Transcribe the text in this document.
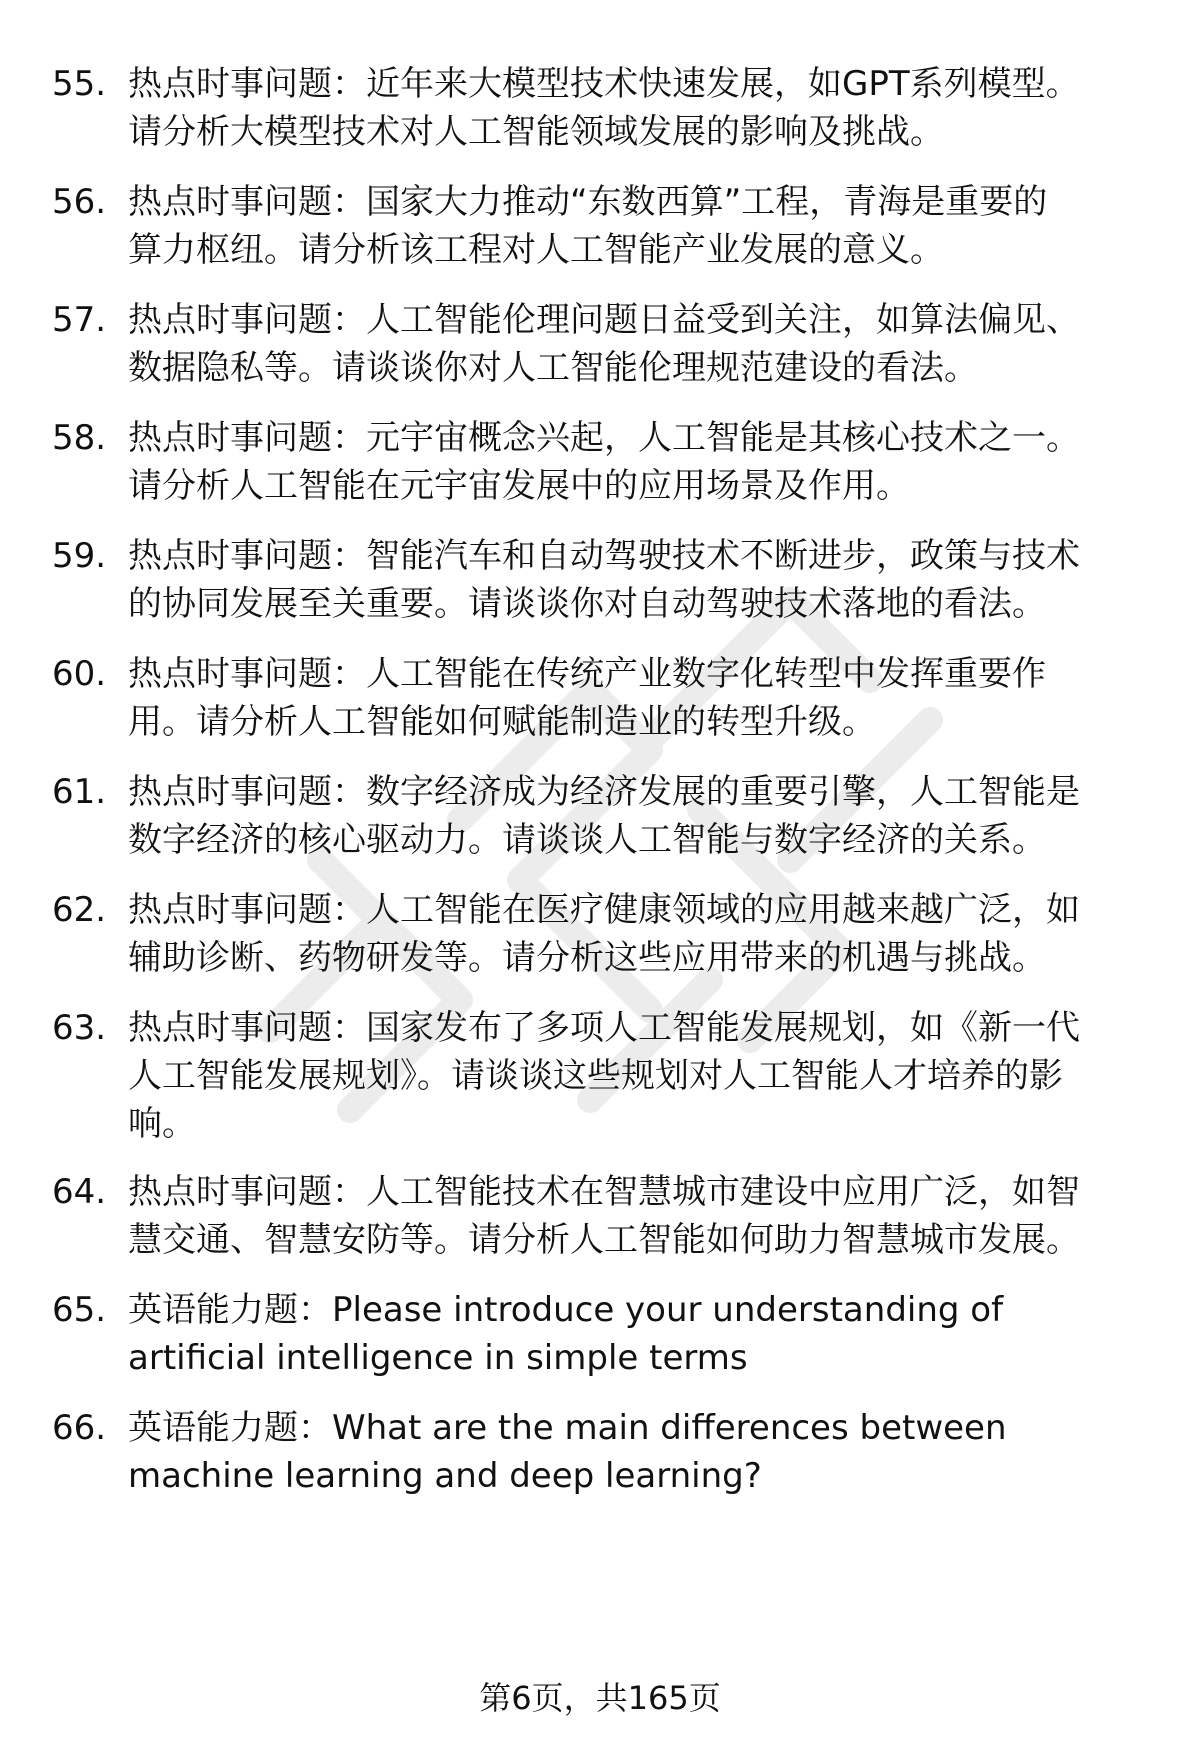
55. 热点时事问题：近年来大模型技术快速发展，如GPT系列模型。
请分析大模型技术对人工智能领域发展的影响及挑战。
56. 热点时事问题：国家大力推动“东数西算”工程，青海是重要的
算力枢纽。请分析该工程对人工智能产业发展的意义。
57. 热点时事问题：人工智能伦理问题日益受到关注，如算法偏见、
数据隐私等。请谈谈你对人工智能伦理规范建设的看法。
58. 热点时事问题：元宇宙概念兴起，人工智能是其核心技术之一。
请分析人工智能在元宇宙发展中的应用场景及作用。
59. 热点时事问题：智能汽车和自动驾驶技术不断进步，政策与技术
的协同发展至关重要。请谈谈你对自动驾驶技术落地的看法。
60. 热点时事问题：人工智能在传统产业数字化转型中发挥重要作
用。请分析人工智能如何赋能制造业的转型升级。
61. 热点时事问题：数字经济成为经济发展的重要引擎，人工智能是
数字经济的核心驱动力。请谈谈人工智能与数字经济的关系。
62. 热点时事问题：人工智能在医疗健康领域的应用越来越广泛，如
辅助诊断、药物研发等。请分析这些应用带来的机遇与挑战。
63. 热点时事问题：国家发布了多项人工智能发展规划，如《新一代
人工智能发展规划》。请谈谈这些规划对人工智能人才培养的影
响。
64. 热点时事问题：人工智能技术在智慧城市建设中应用广泛，如智
慧交通、智慧安防等。请分析人工智能如何助力智慧城市发展。
65. 英语能力题：Please introduce your understanding of
artificial intelligence in simple terms
66. 英语能力题：What are the main differences between
machine learning and deep learning?
第6页，共165页
